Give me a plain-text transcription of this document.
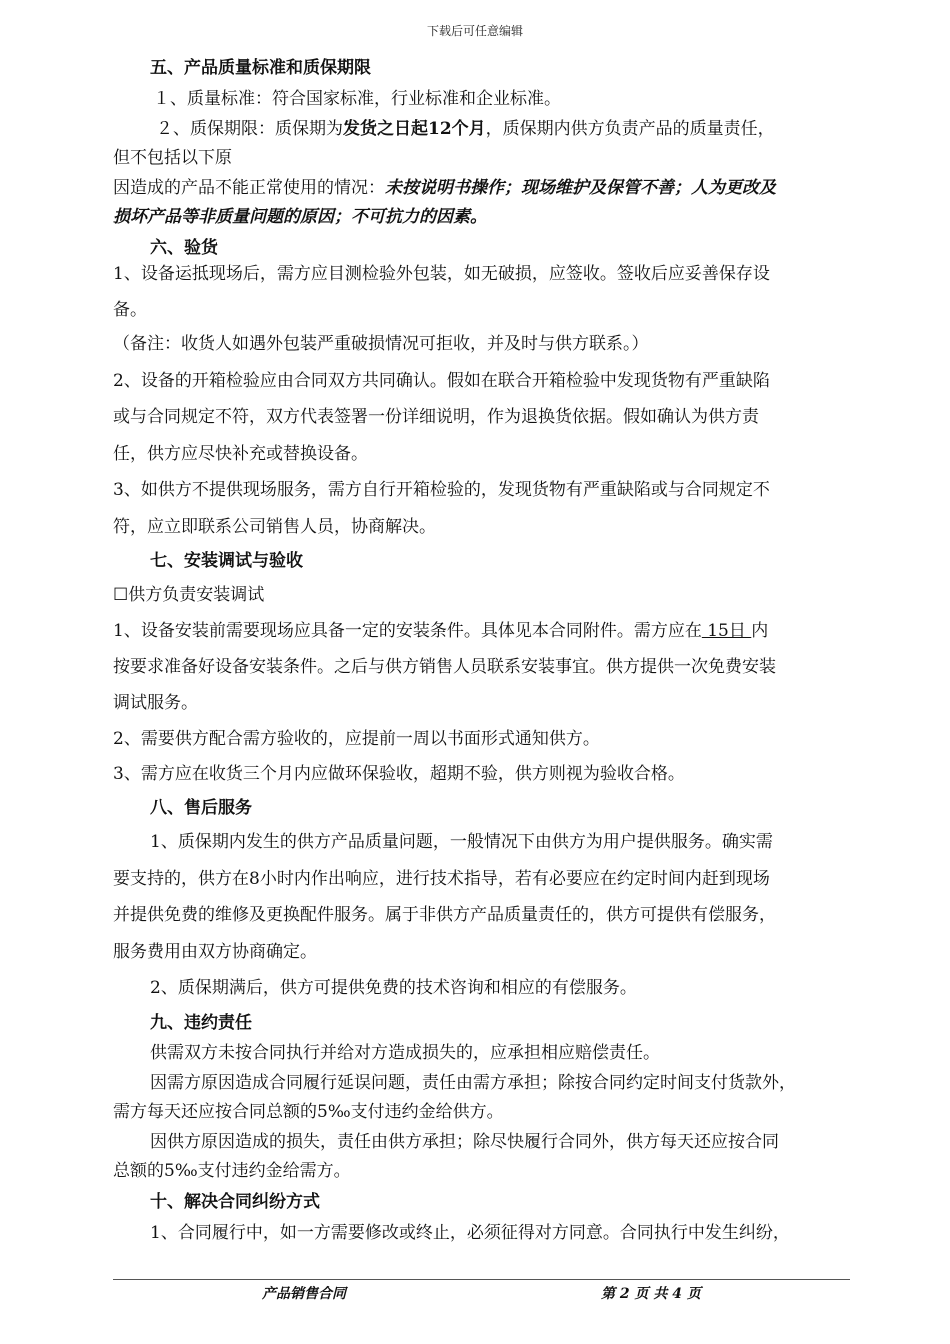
下载后可任意编辑
五、产品质量标准和质保期限
１、质量标准：符合国家标准，行业标准和企业标准。
２、质保期限：质保期为发货之日起12个月，质保期内供方负责产品的质量责任，
但不包括以下原
因造成的产品不能正常使用的情况：未按说明书操作；现场维护及保管不善；人为更改及
损坏产品等非质量问题的原因；不可抗力的因素。
六、验货
1、设备运抵现场后，需方应目测检验外包装，如无破损，应签收。签收后应妥善保存设
备。
（备注：收货人如遇外包装严重破损情况可拒收，并及时与供方联系。）
2、设备的开箱检验应由合同双方共同确认。假如在联合开箱检验中发现货物有严重缺陷
或与合同规定不符，双方代表签署一份详细说明，作为退换货依据。假如确认为供方责
任，供方应尽快补充或替换设备。
3、如供方不提供现场服务，需方自行开箱检验的，发现货物有严重缺陷或与合同规定不
符，应立即联系公司销售人员，协商解决。
七、安装调试与验收
☐供方负责安装调试
1、设备安装前需要现场应具备一定的安装条件。具体见本合同附件。需方应在 15日 内
按要求准备好设备安装条件。之后与供方销售人员联系安装事宜。供方提供一次免费安装
调试服务。
2、需要供方配合需方验收的，应提前一周以书面形式通知供方。
3、需方应在收货三个月内应做环保验收，超期不验，供方则视为验收合格。
八、售后服务
1、质保期内发生的供方产品质量问题，一般情况下由供方为用户提供服务。确实需
要支持的，供方在8小时内作出响应，进行技术指导，若有必要应在约定时间内赶到现场
并提供免费的维修及更换配件服务。属于非供方产品质量责任的，供方可提供有偿服务，
服务费用由双方协商确定。
2、质保期满后，供方可提供免费的技术咨询和相应的有偿服务。
九、违约责任
供需双方未按合同执行并给对方造成损失的，应承担相应赔偿责任。
因需方原因造成合同履行延误问题，责任由需方承担；除按合同约定时间支付货款外，
需方每天还应按合同总额的5‰支付违约金给供方。
因供方原因造成的损失，责任由供方承担；除尽快履行合同外，供方每天还应按合同
总额的5‰支付违约金给需方。
十、解决合同纠纷方式
1、合同履行中，如一方需要修改或终止，必须征得对方同意。合同执行中发生纠纷，
产品销售合同	第 2 页 共 4 页
